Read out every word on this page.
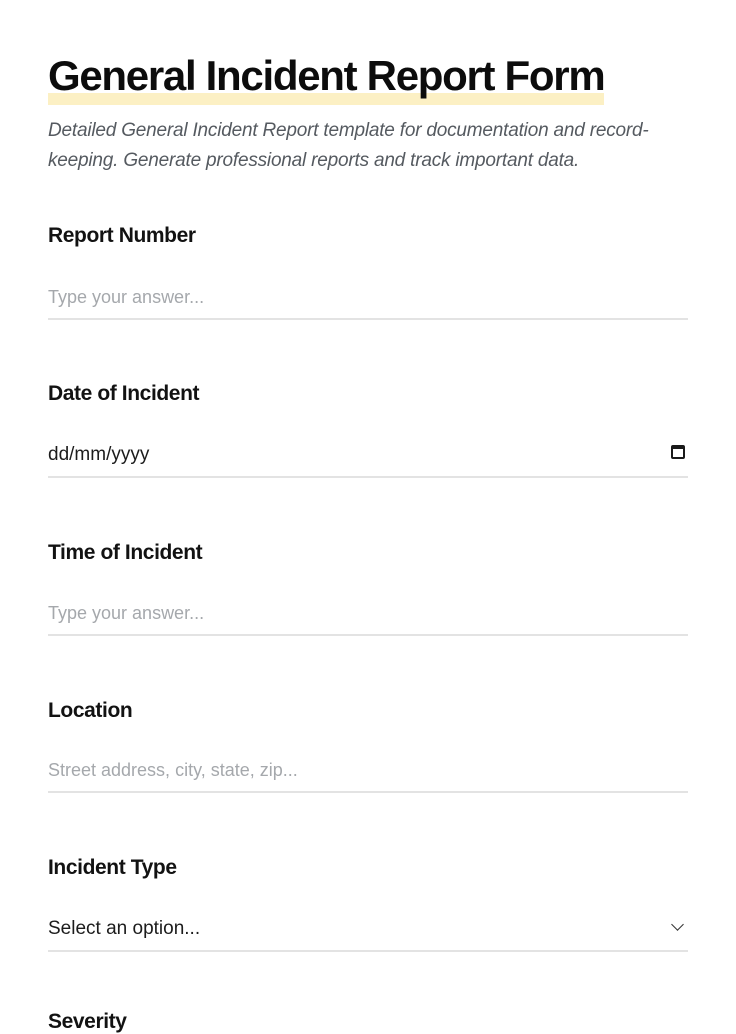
General Incident Report Form

Detailed General Incident Report template for documentation and record-keeping. Generate professional reports and track important data.

Report Number
Type your answer...
Date of Incident
dd/mm/yyyy
Time of Incident
Type your answer...
Location
Street address, city, state, zip...
Incident Type
Select an option...
Severity
